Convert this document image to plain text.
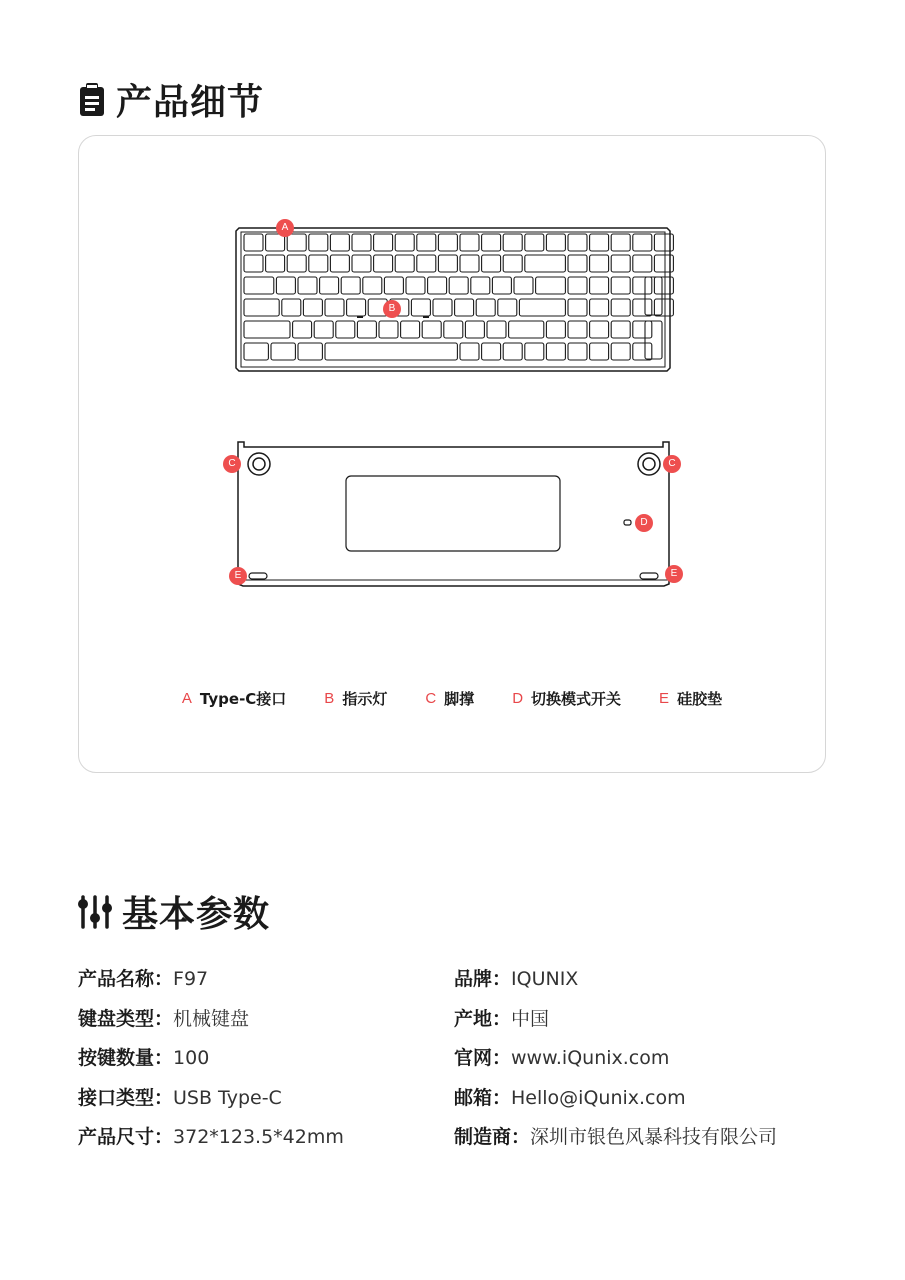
产品细节
A
B
C	C
D
E	E
A Type-C接口	B 指示灯	C 脚撑	D 切换模式开关	E 硅胶垫
基本参数
产品名称：F97
键盘类型：机械键盘
按键数量：100
接口类型：USB Type-C
产品尺寸：372*123.5*42mm
品牌：IQUNIX
产地：中国
官网：www.iQunix.com
邮箱：Hello@iQunix.com
制造商：深圳市银色风暴科技有限公司
